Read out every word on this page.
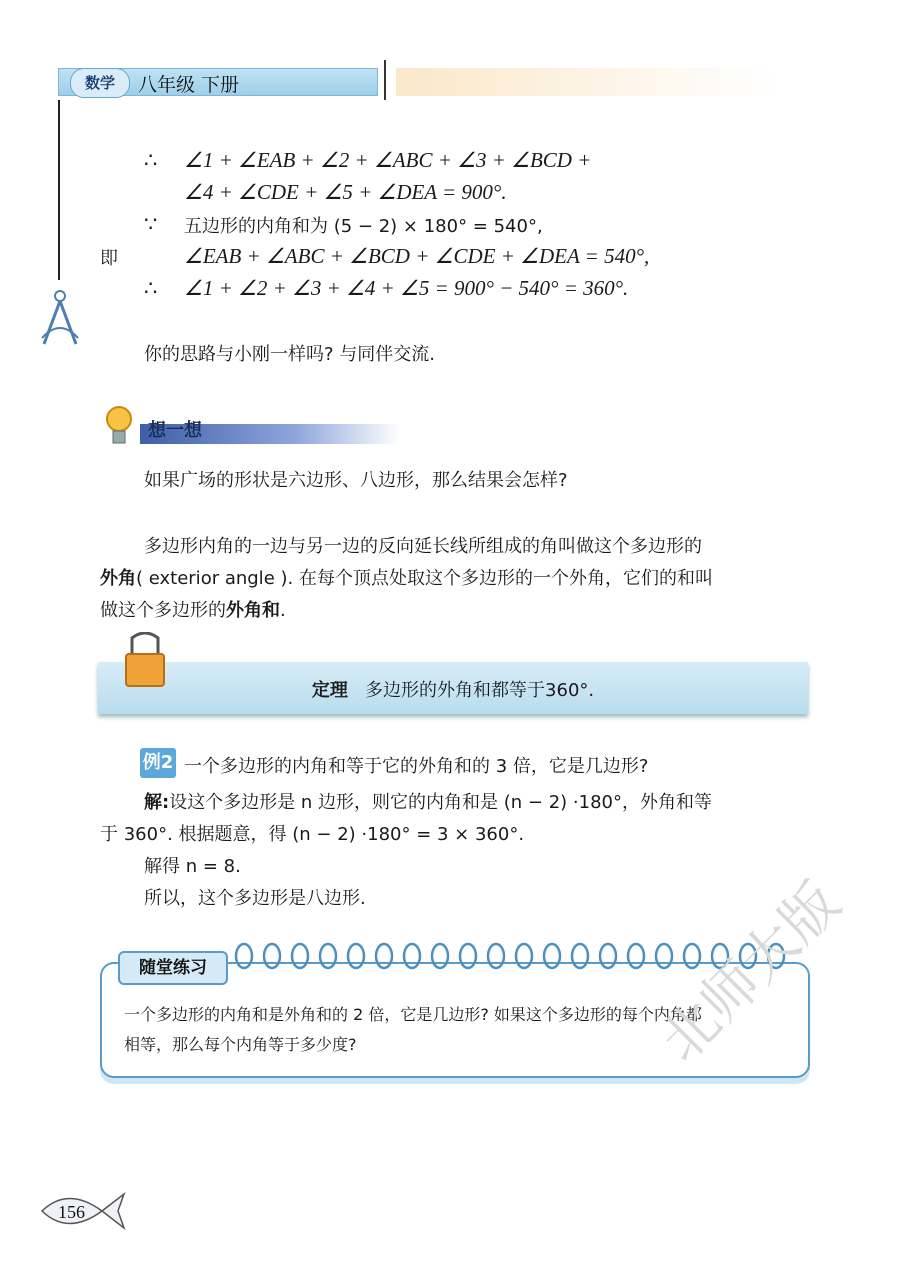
数学	八年级 下册
∴ ∠1 + ∠EAB + ∠2 + ∠ABC + ∠3 + ∠BCD +
∠4 + ∠CDE + ∠5 + ∠DEA = 900°.
∵ 五边形的内角和为 (5 − 2) × 180° = 540°,
即	∠EAB + ∠ABC + ∠BCD + ∠CDE + ∠DEA = 540°,
∴ ∠1 + ∠2 + ∠3 + ∠4 + ∠5 = 900° − 540° = 360°.
你的思路与小刚一样吗? 与同伴交流.
想一想
如果广场的形状是六边形、八边形，那么结果会怎样?
多边形内角的一边与另一边的反向延长线所组成的角叫做这个多边形的
外角( exterior angle ). 在每个顶点处取这个多边形的一个外角，它们的和叫
做这个多边形的外角和.
定理 多边形的外角和都等于360°.
例2 一个多边形的内角和等于它的外角和的 3 倍，它是几边形?
解:设这个多边形是 n 边形，则它的内角和是 (n − 2) ·180°，外角和等
于 360°. 根据题意，得 (n − 2) ·180° = 3 × 360°.
解得 n = 8.
所以，这个多边形是八边形.
随堂练习
一个多边形的内角和是外角和的 2 倍，它是几边形? 如果这个多边形的每个内角都
相等，那么每个内角等于多少度?
156
北师大版
